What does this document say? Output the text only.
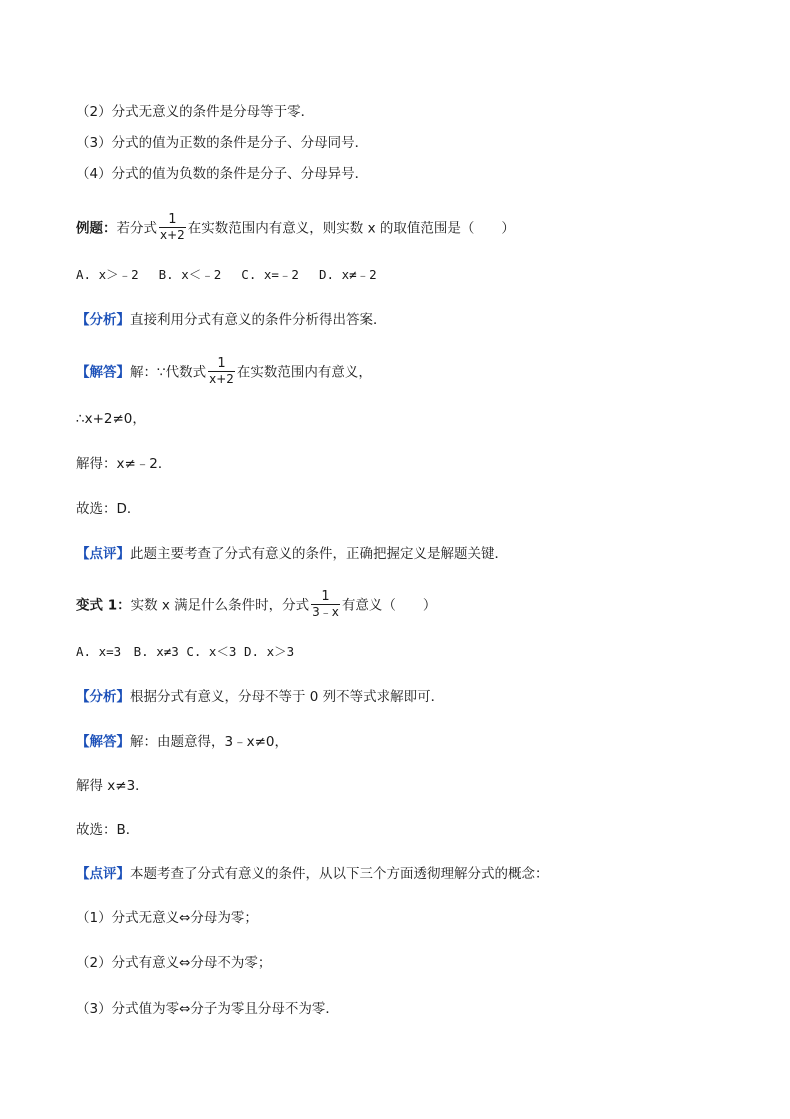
（2）分式无意义的条件是分母等于零．
（3）分式的值为正数的条件是分子、分母同号．
（4）分式的值为负数的条件是分子、分母异号．
例题：若分式 $\frac{1}{x+2}$ 在实数范围内有意义，则实数 x 的取值范围是（　　）
A. x＞﹣2　 B. x＜﹣2　 C. x=﹣2　 D. x≠﹣2
【分析】直接利用分式有意义的条件分析得出答案．
【解答】解：∵代数式 $\frac{1}{x+2}$ 在实数范围内有意义，
∴x+2≠0，
解得：x≠﹣2．
故选：D．
【点评】此题主要考查了分式有意义的条件，正确把握定义是解题关键．
变式 1：实数 x 满足什么条件时，分式 $\frac{1}{3﹣x}$ 有意义（　　）
A. x=3　B. x≠3 C. x＜3 D. x＞3
【分析】根据分式有意义，分母不等于 0 列不等式求解即可．
【解答】解：由题意得，3﹣x≠0，
解得 x≠3．
故选：B．
【点评】本题考查了分式有意义的条件，从以下三个方面透彻理解分式的概念：
（1）分式无意义⇔分母为零；
（2）分式有意义⇔分母不为零；
（3）分式值为零⇔分子为零且分母不为零．
